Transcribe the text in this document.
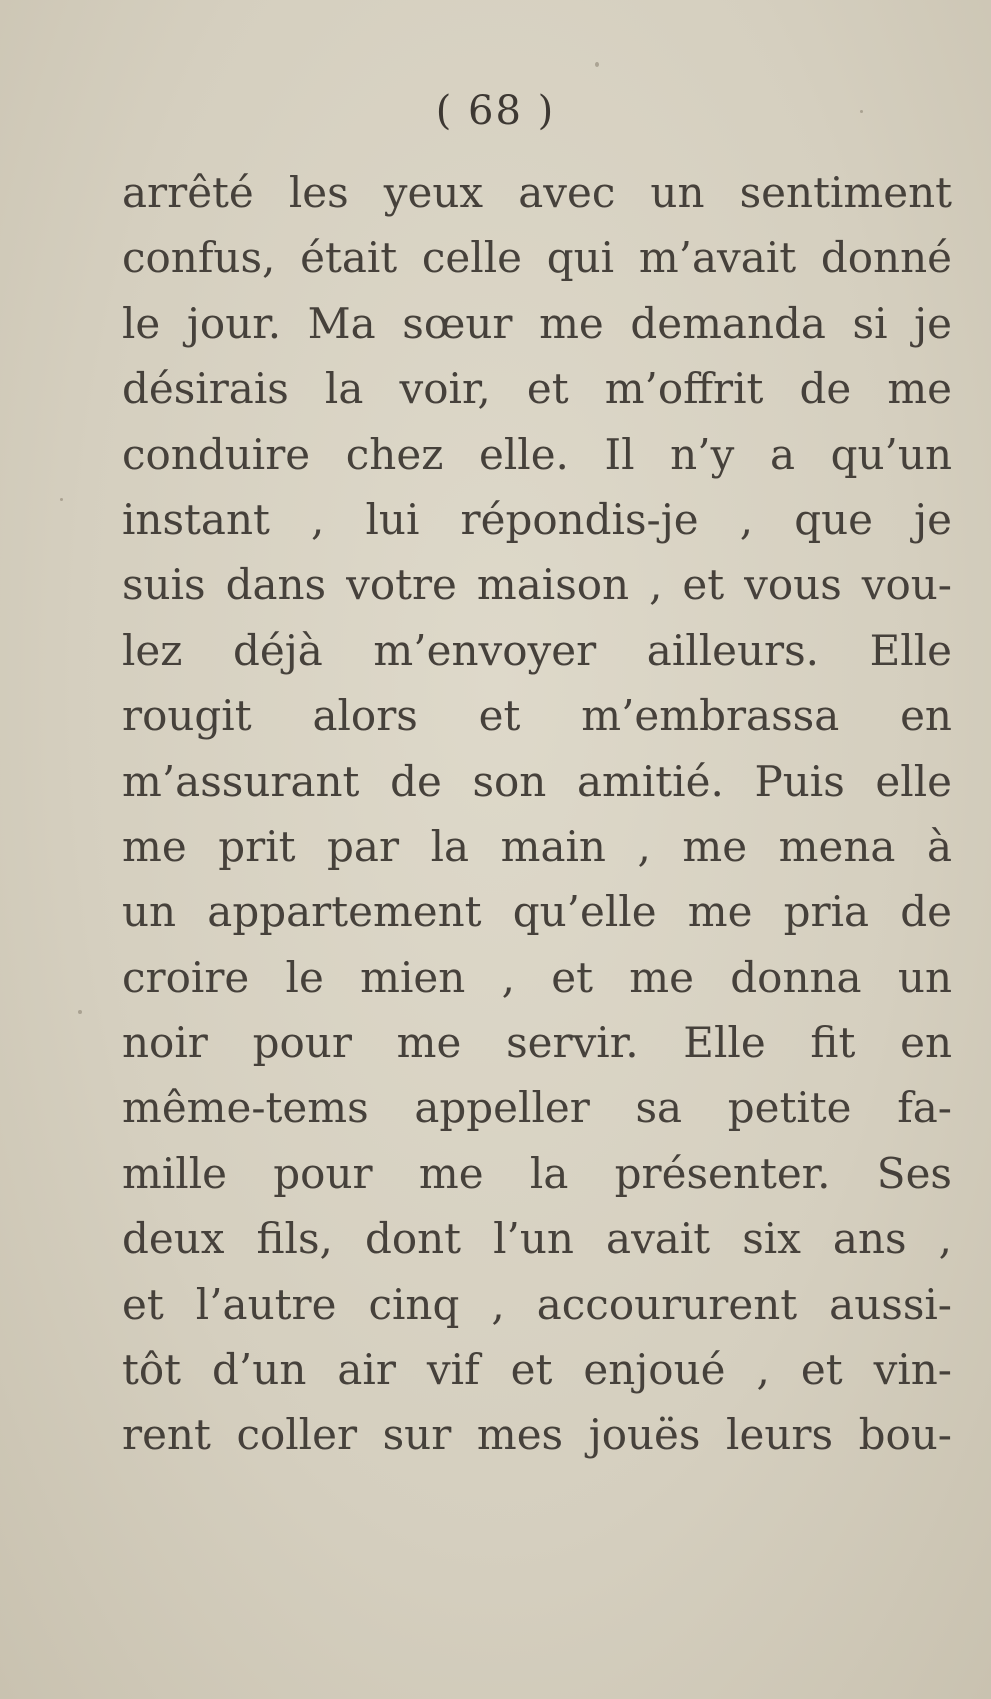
( 68 )
arrêté les yeux avec un sentiment
confus, était celle qui m’avait donné
le jour. Ma sœur me demanda si je
désirais la voir, et m’offrit de me
conduire chez elle. Il n’y a qu’un
instant , lui répondis-je , que je
suis dans votre maison , et vous vou-
lez déjà m’envoyer ailleurs. Elle
rougit alors et m’embrassa en
m’assurant de son amitié. Puis elle
me prit par la main , me mena à
un appartement qu’elle me pria de
croire le mien , et me donna un
noir pour me servir. Elle fit en
même-tems appeller sa petite fa-
mille pour me la présenter. Ses
deux fils, dont l’un avait six ans ,
et l’autre cinq , accoururent aussi-
tôt d’un air vif et enjoué , et vin-
rent coller sur mes jouës leurs bou-
